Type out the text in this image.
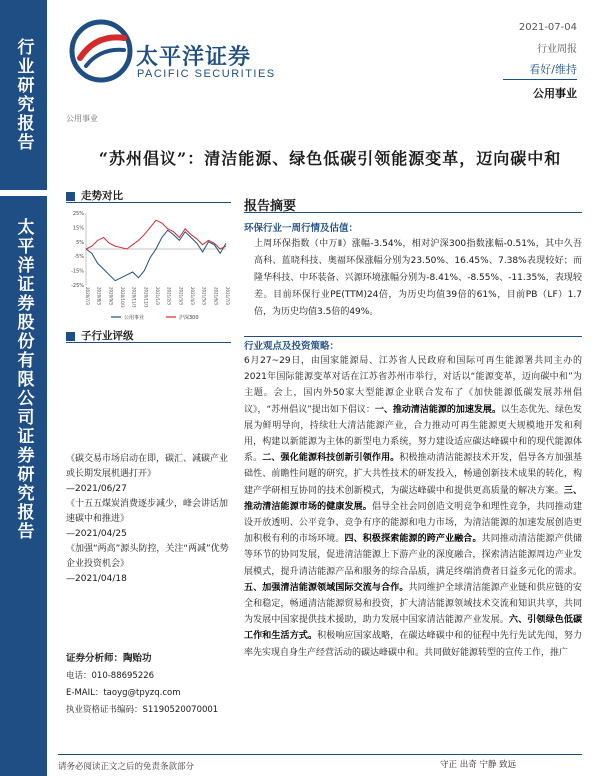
行业研究报告
太平洋证券股份有限公司证券研究报告
太平洋证券
PACIFIC SECURITIES
2021-07-04
行业周报
看好/维持
公用事业
公用事业
“苏州倡议”：清洁能源、绿色低碳引领能源变革，迈向碳中和
走势对比
25%
15%
5%
-5%
-15%
-25%
2020/7/3 2020/8/3 2020/9/3 2020/10/3 2020/11/3 2020/12/3 2021/1/3 2021/2/3 2021/3/3 2021/4/3 2021/5/3 2021/6/3 2021/7/3
公用事业	沪深300
子行业评级
《碳交易市场启动在即，碳汇、减碳产业或长期发展机遇打开》
—2021/06/27
《十五五煤炭消费逐步减少，峰会讲话加速碳中和推进》
—2021/04/25
《加强“两高”源头防控，关注“两减”优势企业投资机会》
—2021/04/18
证券分析师：陶贻功
电话：010-88695226
E-MAIL：taoyg@tpyzq.com
执业资格证书编码：S1190520070001
报告摘要
环保行业一周行情及估值：
上周环保指数（中万Ⅱ）涨幅-3.54%，相对沪深300指数涨幅-0.51%，其中久吾高科、蓝晓科技、奥福环保涨幅分别为23.50%、16.45%、7.38%表现较好；而隆华科技、中环装备、兴源环境涨幅分别为-8.41%、-8.55%、-11.35%，表现较差。目前环保行业PE(TTM)24倍，为历史均值39倍的61%，目前PB（LF）1.7倍，为历史均值3.5倍的49%。
行业观点及投资策略：
6月27~29日，由国家能源局、江苏省人民政府和国际可再生能源署共同主办的2021年国际能源变革对话在江苏省苏州市举行，对话以“能源变革，迈向碳中和”为主题。会上，国内外50家大型能源企业联合发布了《加快能源低碳发展苏州倡议》，“苏州倡议”提出如下倡议：一、推动清洁能源的加速发展。以生态优先、绿色发展为鲜明导向，持续壮大清洁能源产业，合力推动可再生能源更大规模地开发和利用，构建以新能源为主体的新型电力系统，努力建设适应碳达峰碳中和的现代能源体系。二、强化能源科技创新引领作用。积极推动清洁能源技术开发，倡导各方加强基础性、前瞻性问题的研究，扩大共性技术的研发投入，畅通创新技术成果的转化，构建产学研相互协同的技术创新模式，为碳达峰碳中和提供更高质量的解决方案。三、推动清洁能源市场的健康发展。倡导全社会同创造文明竞争和理性竞争，共同推动建设开放透明、公平竞争、竞争有序的能源和电力市场，为清洁能源的加速发展创造更加积极有利的市场环境。四、积极探索能源的跨产业融合。共同推动清洁能源产供储等环节的协同发展，促进清洁能源上下游产业的深度融合，探索清洁能源周边产业发展模式，提升清洁能源产品和服务的综合品质，满足终端消费者日益多元化的需求。五、加强清洁能源领域国际交流与合作。共同维护全球清洁能源产业链和供应链的安全和稳定，畅通清洁能源贸易和投资，扩大清洁能源领域技术交流和知识共享，共同为发展中国家提供技术援助，助力发展中国家清洁能源产业发展。六、引领绿色低碳工作和生活方式。积极响应国家战略，在碳达峰碳中和的征程中先行先试先闯，努力率先实现自身生产经营活动的碳达峰碳中和。共同做好能源转型的宣传工作，推广
请务必阅读正文之后的免责条款部分	守正 出奇 宁静 致远
